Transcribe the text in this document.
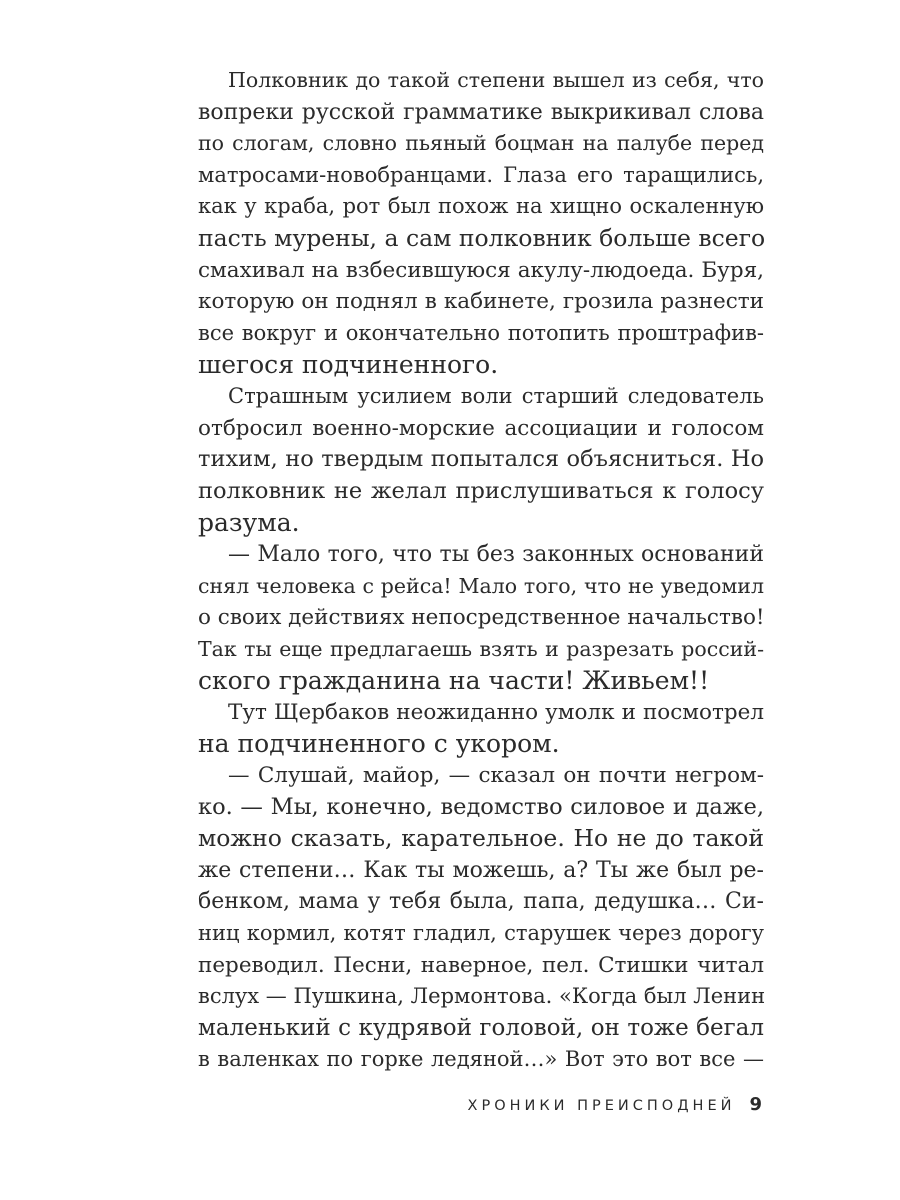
Полковник до такой степени вышел из себя, что
вопреки русской грамматике выкрикивал слова
по слогам, словно пьяный боцман на палубе перед
матросами-новобранцами. Глаза его таращились,
как у краба, рот был похож на хищно оскаленную
пасть мурены, а сам полковник больше всего
смахивал на взбесившуюся акулу-людоеда. Буря,
которую он поднял в кабинете, грозила разнести
все вокруг и окончательно потопить проштрафив-
шегося подчиненного.
Страшным усилием воли старший следователь
отбросил военно-морские ассоциации и голосом
тихим, но твердым попытался объясниться. Но
полковник не желал прислушиваться к голосу
разума.
— Мало того, что ты без законных оснований
снял человека с рейса! Мало того, что не уведомил
о своих действиях непосредственное начальство!
Так ты еще предлагаешь взять и разрезать россий-
ского гражданина на части! Живьем!!
Тут Щербаков неожиданно умолк и посмотрел
на подчиненного с укором.
— Слушай, майор, — сказал он почти негром-
ко. — Мы, конечно, ведомство силовое и даже,
можно сказать, карательное. Но не до такой
же степени… Как ты можешь, а? Ты же был ре-
бенком, мама у тебя была, папа, дедушка… Си-
ниц кормил, котят гладил, старушек через дорогу
переводил. Песни, наверное, пел. Стишки читал
вслух — Пушкина, Лермонтова. «Когда был Ленин
маленький с кудрявой головой, он тоже бегал
в валенках по горке ледяной…» Вот это вот все —
ХРОНИКИ ПРЕИСПОДНЕЙ 9
